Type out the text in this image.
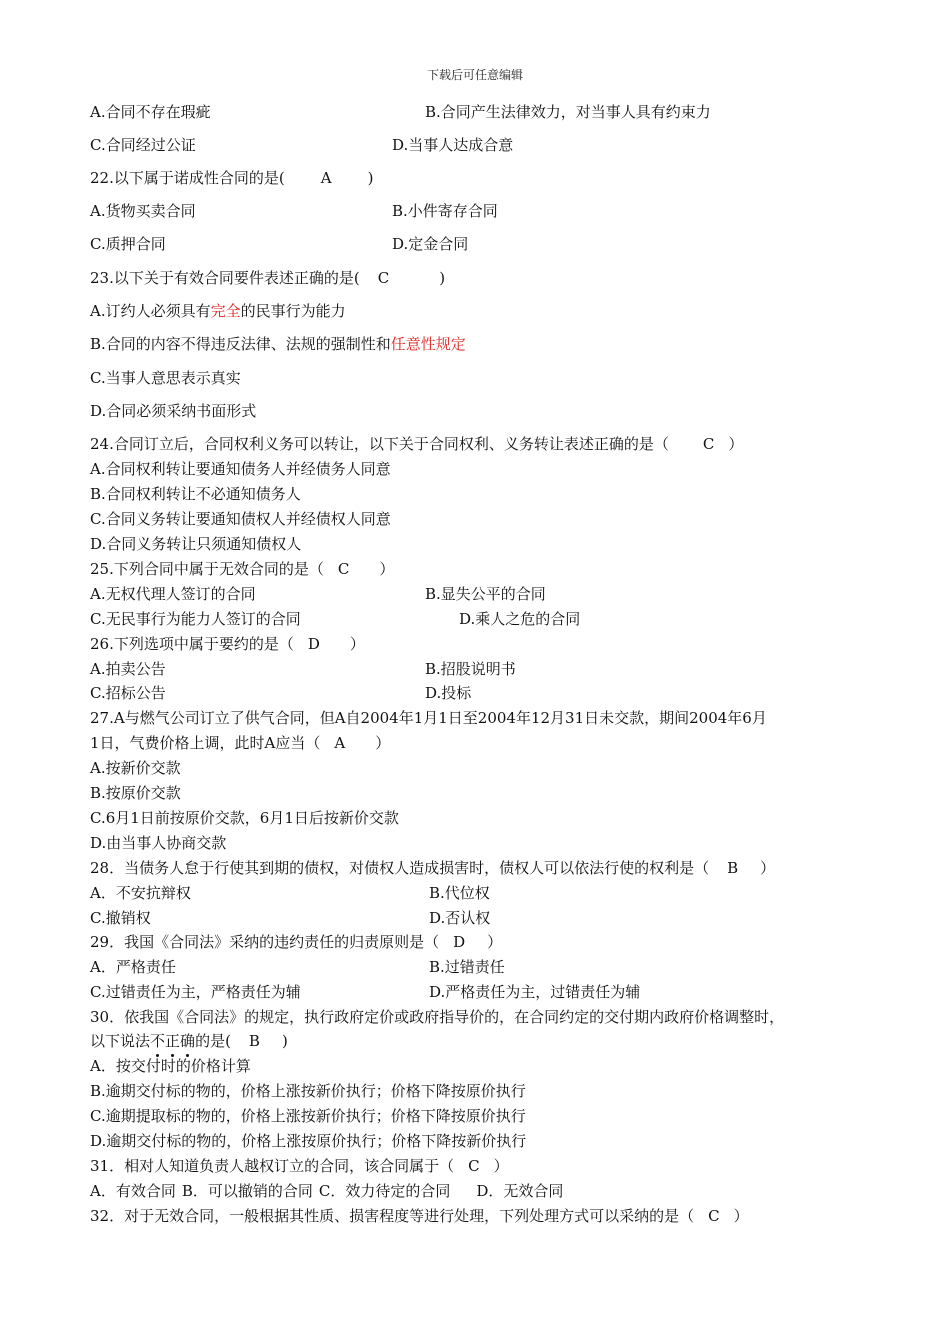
下载后可任意编辑
A.合同不存在瑕疵	B.合同产生法律效力，对当事人具有约束力
C.合同经过公证	D.当事人达成合意
22.以下属于诺成性合同的是( A )
A.货物买卖合同	B.小件寄存合同
C.质押合同	D.定金合同
23.以下关于有效合同要件表述正确的是( C	)
A.订约人必须具有完全的民事行为能力
B.合同的内容不得违反法律、法规的强制性和任意性规定
C.当事人意思表示真实
D.合同必须采纳书面形式
24.合同订立后，合同权利义务可以转让，以下关于合同权利、义务转让表述正确的是（ C ）
A.合同权利转让要通知债务人并经债务人同意
B.合同权利转让不必通知债务人
C.合同义务转让要通知债权人并经债权人同意
D.合同义务转让只须通知债权人
25.下列合同中属于无效合同的是（ C ）
A.无权代理人签订的合同	B.显失公平的合同
C.无民事行为能力人签订的合同	D.乘人之危的合同
26.下列选项中属于要约的是（ D ）
A.拍卖公告	B.招股说明书
C.招标公告	D.投标
27.A与燃气公司订立了供气合同，但A自2004年1月1日至2004年12月31日未交款，期间2004年6月
1日，气费价格上调，此时A应当（ A ）
A.按新价交款
B.按原价交款
C.6月1日前按原价交款，6月1日后按新价交款
D.由当事人协商交款
28．当债务人怠于行使其到期的债权，对债权人造成损害时，债权人可以依法行使的权利是（ B ）
A．不安抗辩权	B.代位权
C.撤销权	D.否认权
29．我国《合同法》采纳的违约责任的归责原则是（ D ）
A．严格责任	B.过错责任
C.过错责任为主，严格责任为辅	D.严格责任为主，过错责任为辅
30．依我国《合同法》的规定，执行政府定价或政府指导价的，在合同约定的交付期内政府价格调整时，
以下说法不
正
确
的是( B )
A．按交付时的价格计算
B.逾期交付标的物的，价格上涨按新价执行；价格下降按原价执行
C.逾期提取标的物的，价格上涨按新价执行；价格下降按原价执行
D.逾期交付标的物的，价格上涨按原价执行；价格下降按新价执行
31．相对人知道负责人越权订立的合同，该合同属于（ C ）
A．有效合同 B．可以撤销的合同 C．效力待定的合同 D．无效合同
32．对于无效合同，一般根据其性质、损害程度等进行处理，下列处理方式可以采纳的是（ C ）
